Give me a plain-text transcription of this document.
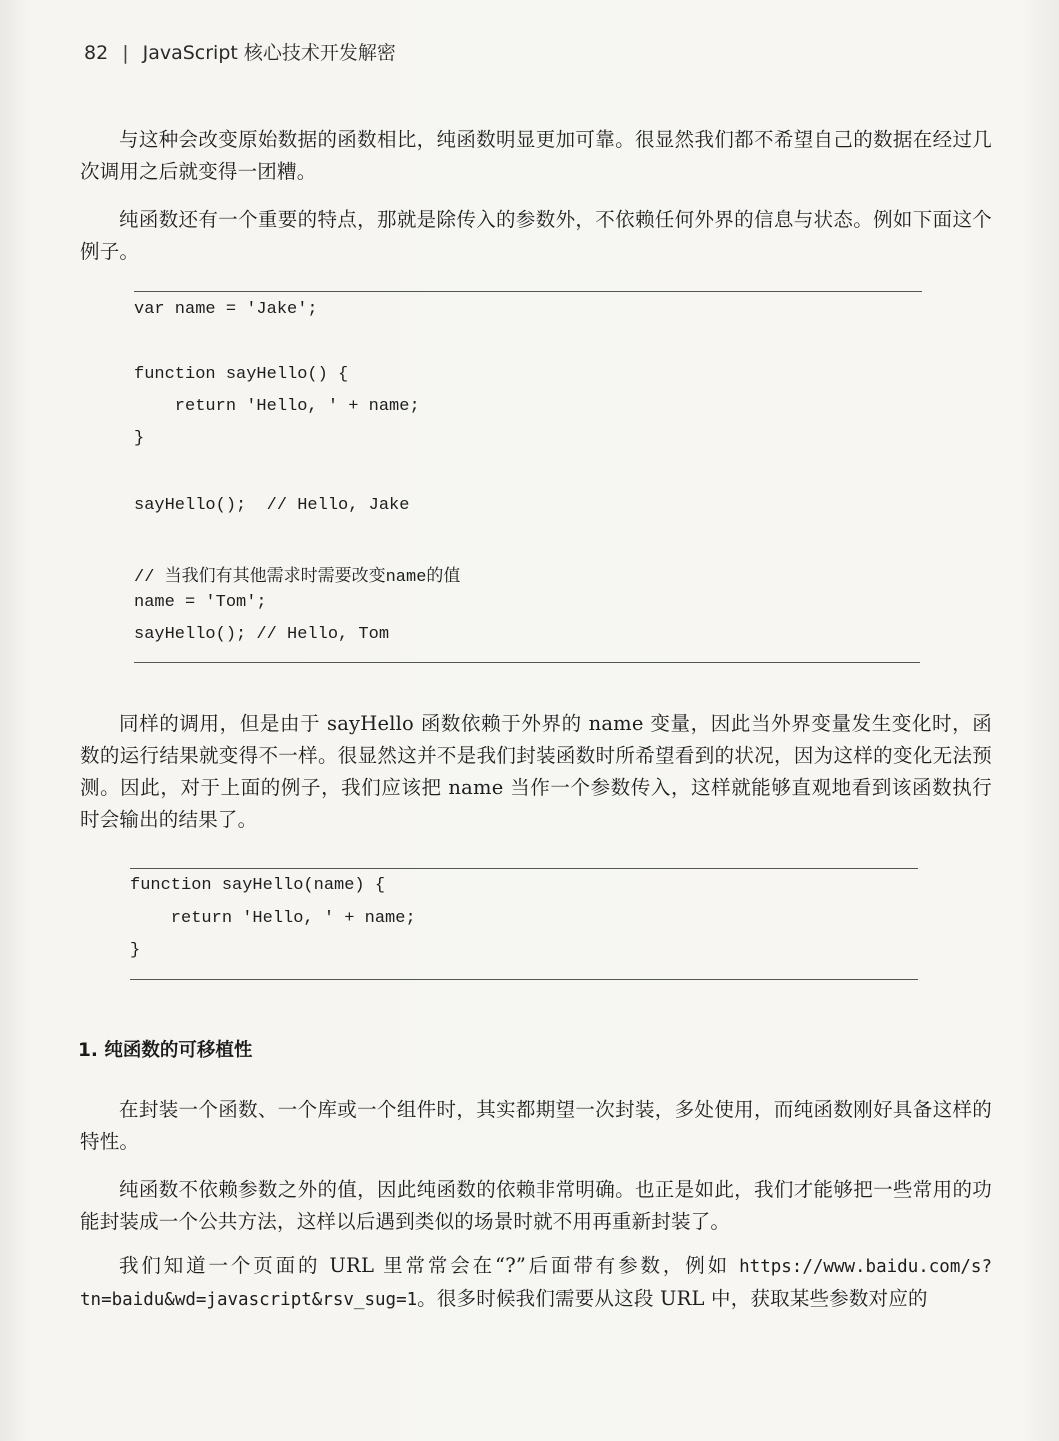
82 | JavaScript 核心技术开发解密

与这种会改变原始数据的函数相比，纯函数明显更加可靠。很显然我们都不希望自己的数据在经过几次调用之后就变得一团糟。

纯函数还有一个重要的特点，那就是除传入的参数外，不依赖任何外界的信息与状态。例如下面这个例子。

var name = 'Jake';

function sayHello() {

return 'Hello, ' + name;

}

sayHello();  // Hello, Jake

// 当我们有其他需求时需要改变name的值

name = 'Tom';

sayHello(); // Hello, Tom

同样的调用，但是由于 sayHello 函数依赖于外界的 name 变量，因此当外界变量发生变化时，函数的运行结果就变得不一样。很显然这并不是我们封装函数时所希望看到的状况，因为这样的变化无法预测。因此，对于上面的例子，我们应该把 name 当作一个参数传入，这样就能够直观地看到该函数执行时会输出的结果了。

function sayHello(name) {

return 'Hello, ' + name;

}

1. 纯函数的可移植性

在封装一个函数、一个库或一个组件时，其实都期望一次封装，多处使用，而纯函数刚好具备这样的特性。

纯函数不依赖参数之外的值，因此纯函数的依赖非常明确。也正是如此，我们才能够把一些常用的功能封装成一个公共方法，这样以后遇到类似的场景时就不用再重新封装了。

我们知道一个页面的 URL 里常常会在“?”后面带有参数，例如 https://www.baidu.com/s?tn=baidu&wd=javascript&rsv_sug=1。很多时候我们需要从这段 URL 中，获取某些参数对应的
